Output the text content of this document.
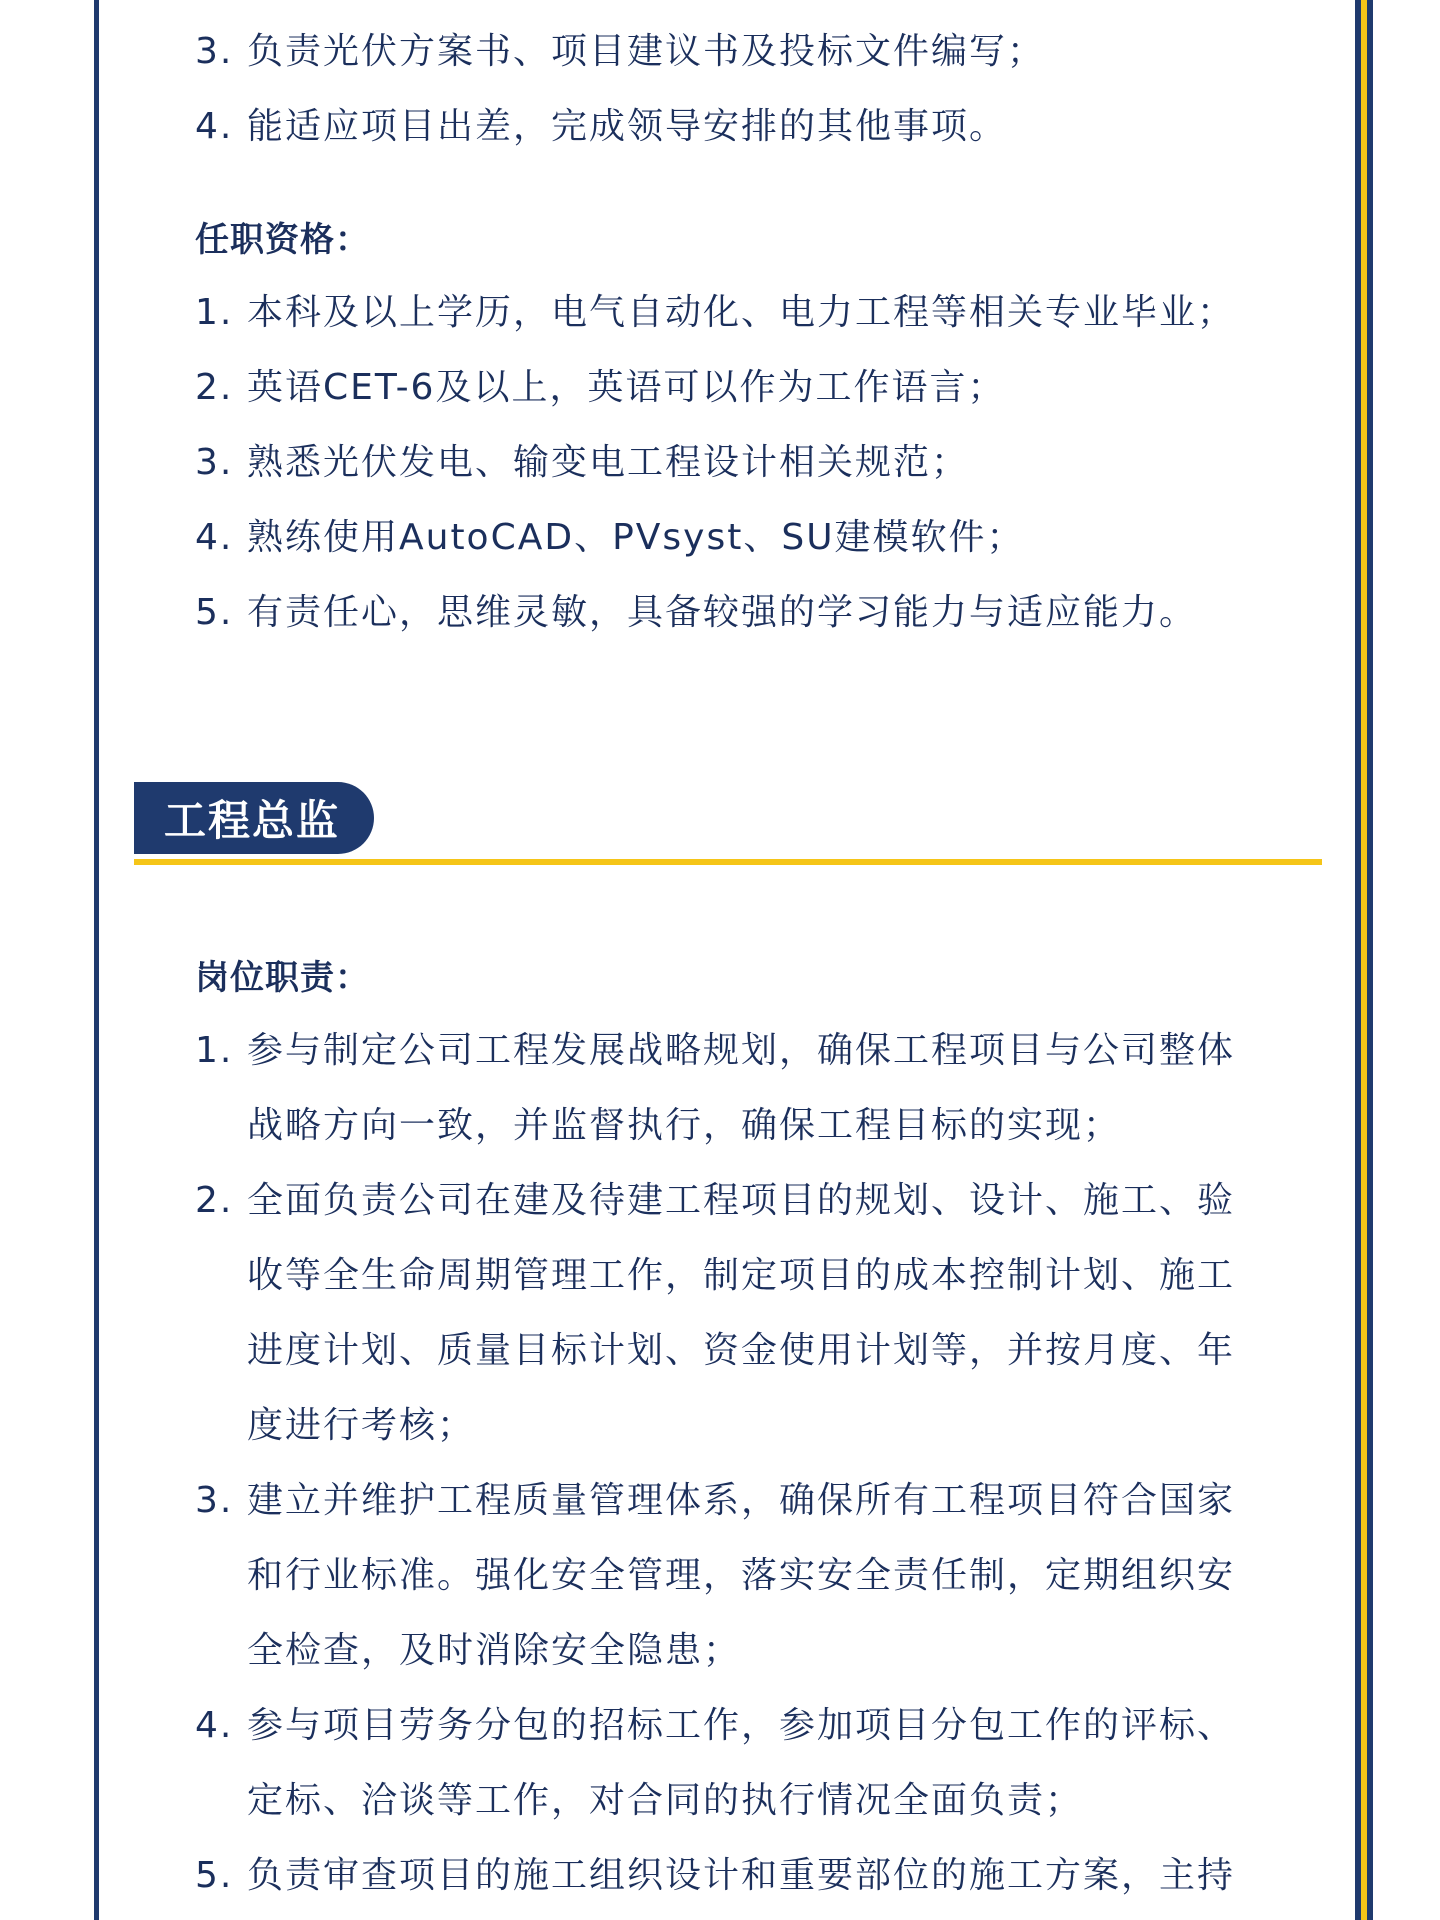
3. 负责光伏方案书、项目建议书及投标文件编写；
4. 能适应项目出差，完成领导安排的其他事项。
任职资格：
1. 本科及以上学历，电气自动化、电力工程等相关专业毕业；
2. 英语CET-6及以上，英语可以作为工作语言；
3. 熟悉光伏发电、输变电工程设计相关规范；
4. 熟练使用AutoCAD、PVsyst、SU建模软件；
5. 有责任心，思维灵敏，具备较强的学习能力与适应能力。
工程总监
岗位职责：
1. 参与制定公司工程发展战略规划，确保工程项目与公司整体
战略方向一致，并监督执行，确保工程目标的实现；
2. 全面负责公司在建及待建工程项目的规划、设计、施工、验
收等全生命周期管理工作，制定项目的成本控制计划、施工
进度计划、质量目标计划、资金使用计划等，并按月度、年
度进行考核；
3. 建立并维护工程质量管理体系，确保所有工程项目符合国家
和行业标准。强化安全管理，落实安全责任制，定期组织安
全检查，及时消除安全隐患；
4. 参与项目劳务分包的招标工作，参加项目分包工作的评标、
定标、洽谈等工作，对合同的执行情况全面负责；
5. 负责审查项目的施工组织设计和重要部位的施工方案，主持
